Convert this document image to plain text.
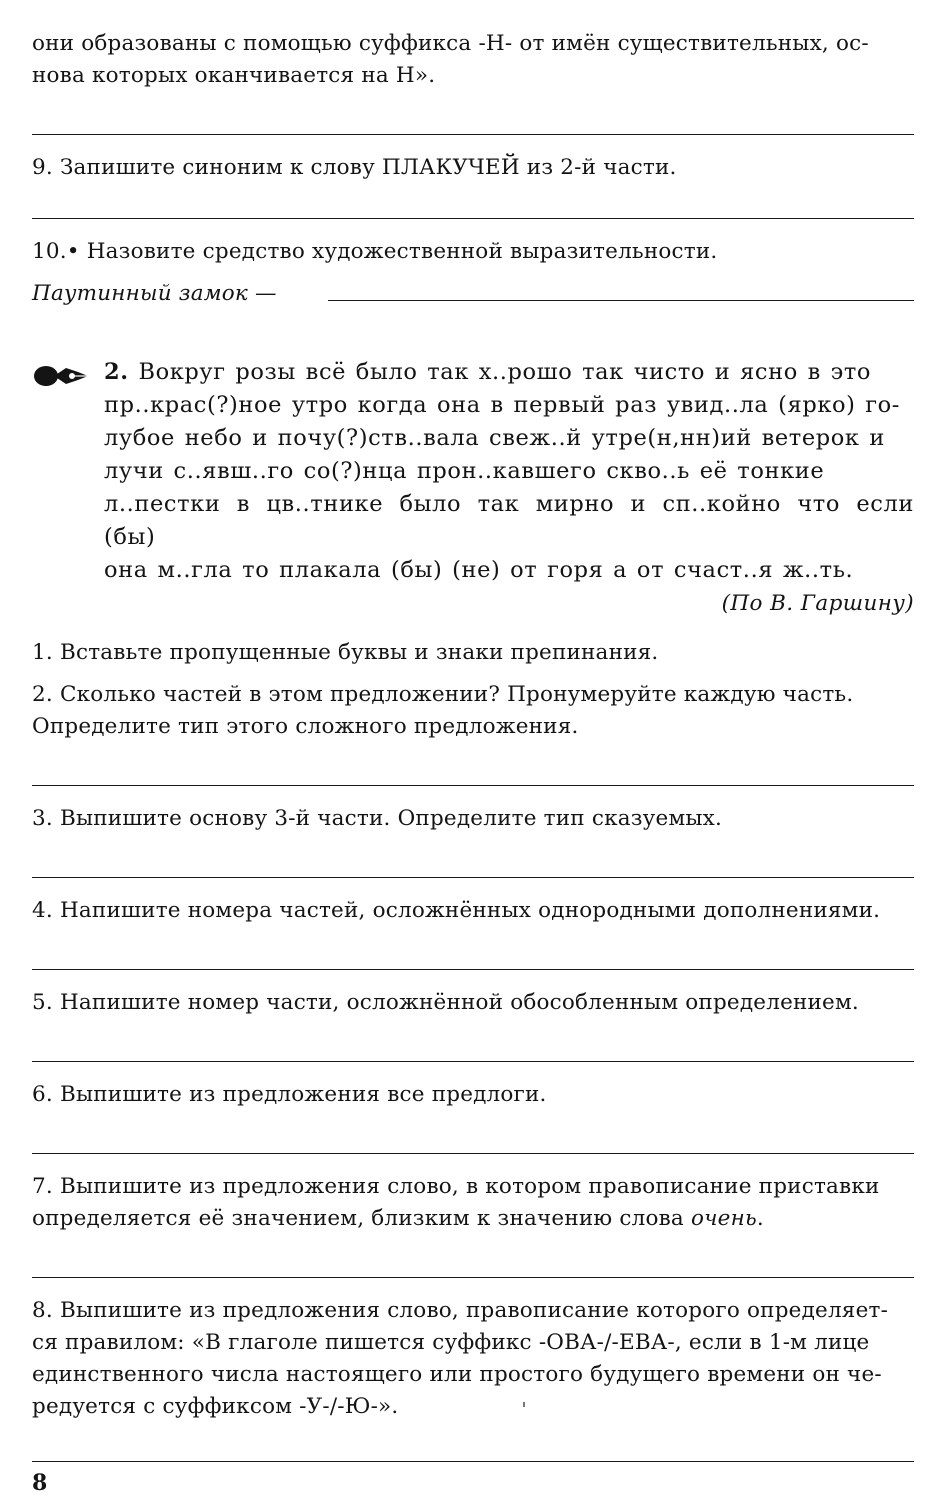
они образованы с помощью суффикса -Н- от имён существительных, ос-

нова которых оканчивается на Н».

9. Запишите синоним к слову ПЛАКУЧЕЙ из 2-й части.

10.• Назовите средство художественной выразительности.

Паутинный замок —

2. Вокруг розы всё было так х..рошо так чисто и ясно в это

пр..крас(?)ное утро когда она в первый раз увид..ла (ярко) го-

лубое небо и почу(?)ств..вала свеж..й утре(н,нн)ий ветерок и

лучи с..явш..го со(?)нца прон..кавшего скво..ь её тонкие

л..пестки в цв..тнике было так мирно и сп..койно что если (бы)

она м..гла то плакала (бы) (не) от горя а от счаст..я ж..ть.

(По В. Гаршину)

1. Вставьте пропущенные буквы и знаки препинания.

2. Сколько частей в этом предложении? Пронумеруйте каждую часть.

Определите тип этого сложного предложения.

3. Выпишите основу 3-й части. Определите тип сказуемых.

4. Напишите номера частей, осложнённых однородными дополнениями.

5. Напишите номер части, осложнённой обособленным определением.

6. Выпишите из предложения все предлоги.

7. Выпишите из предложения слово, в котором правописание приставки

определяется её значением, близким к значению слова очень.

8. Выпишите из предложения слово, правописание которого определяет-

ся правилом: «В глаголе пишется суффикс -ОВА-/-ЕВА-, если в 1-м лице

единственного числа настоящего или простого будущего времени он че-

редуется с суффиксом -У-/-Ю-».

8
